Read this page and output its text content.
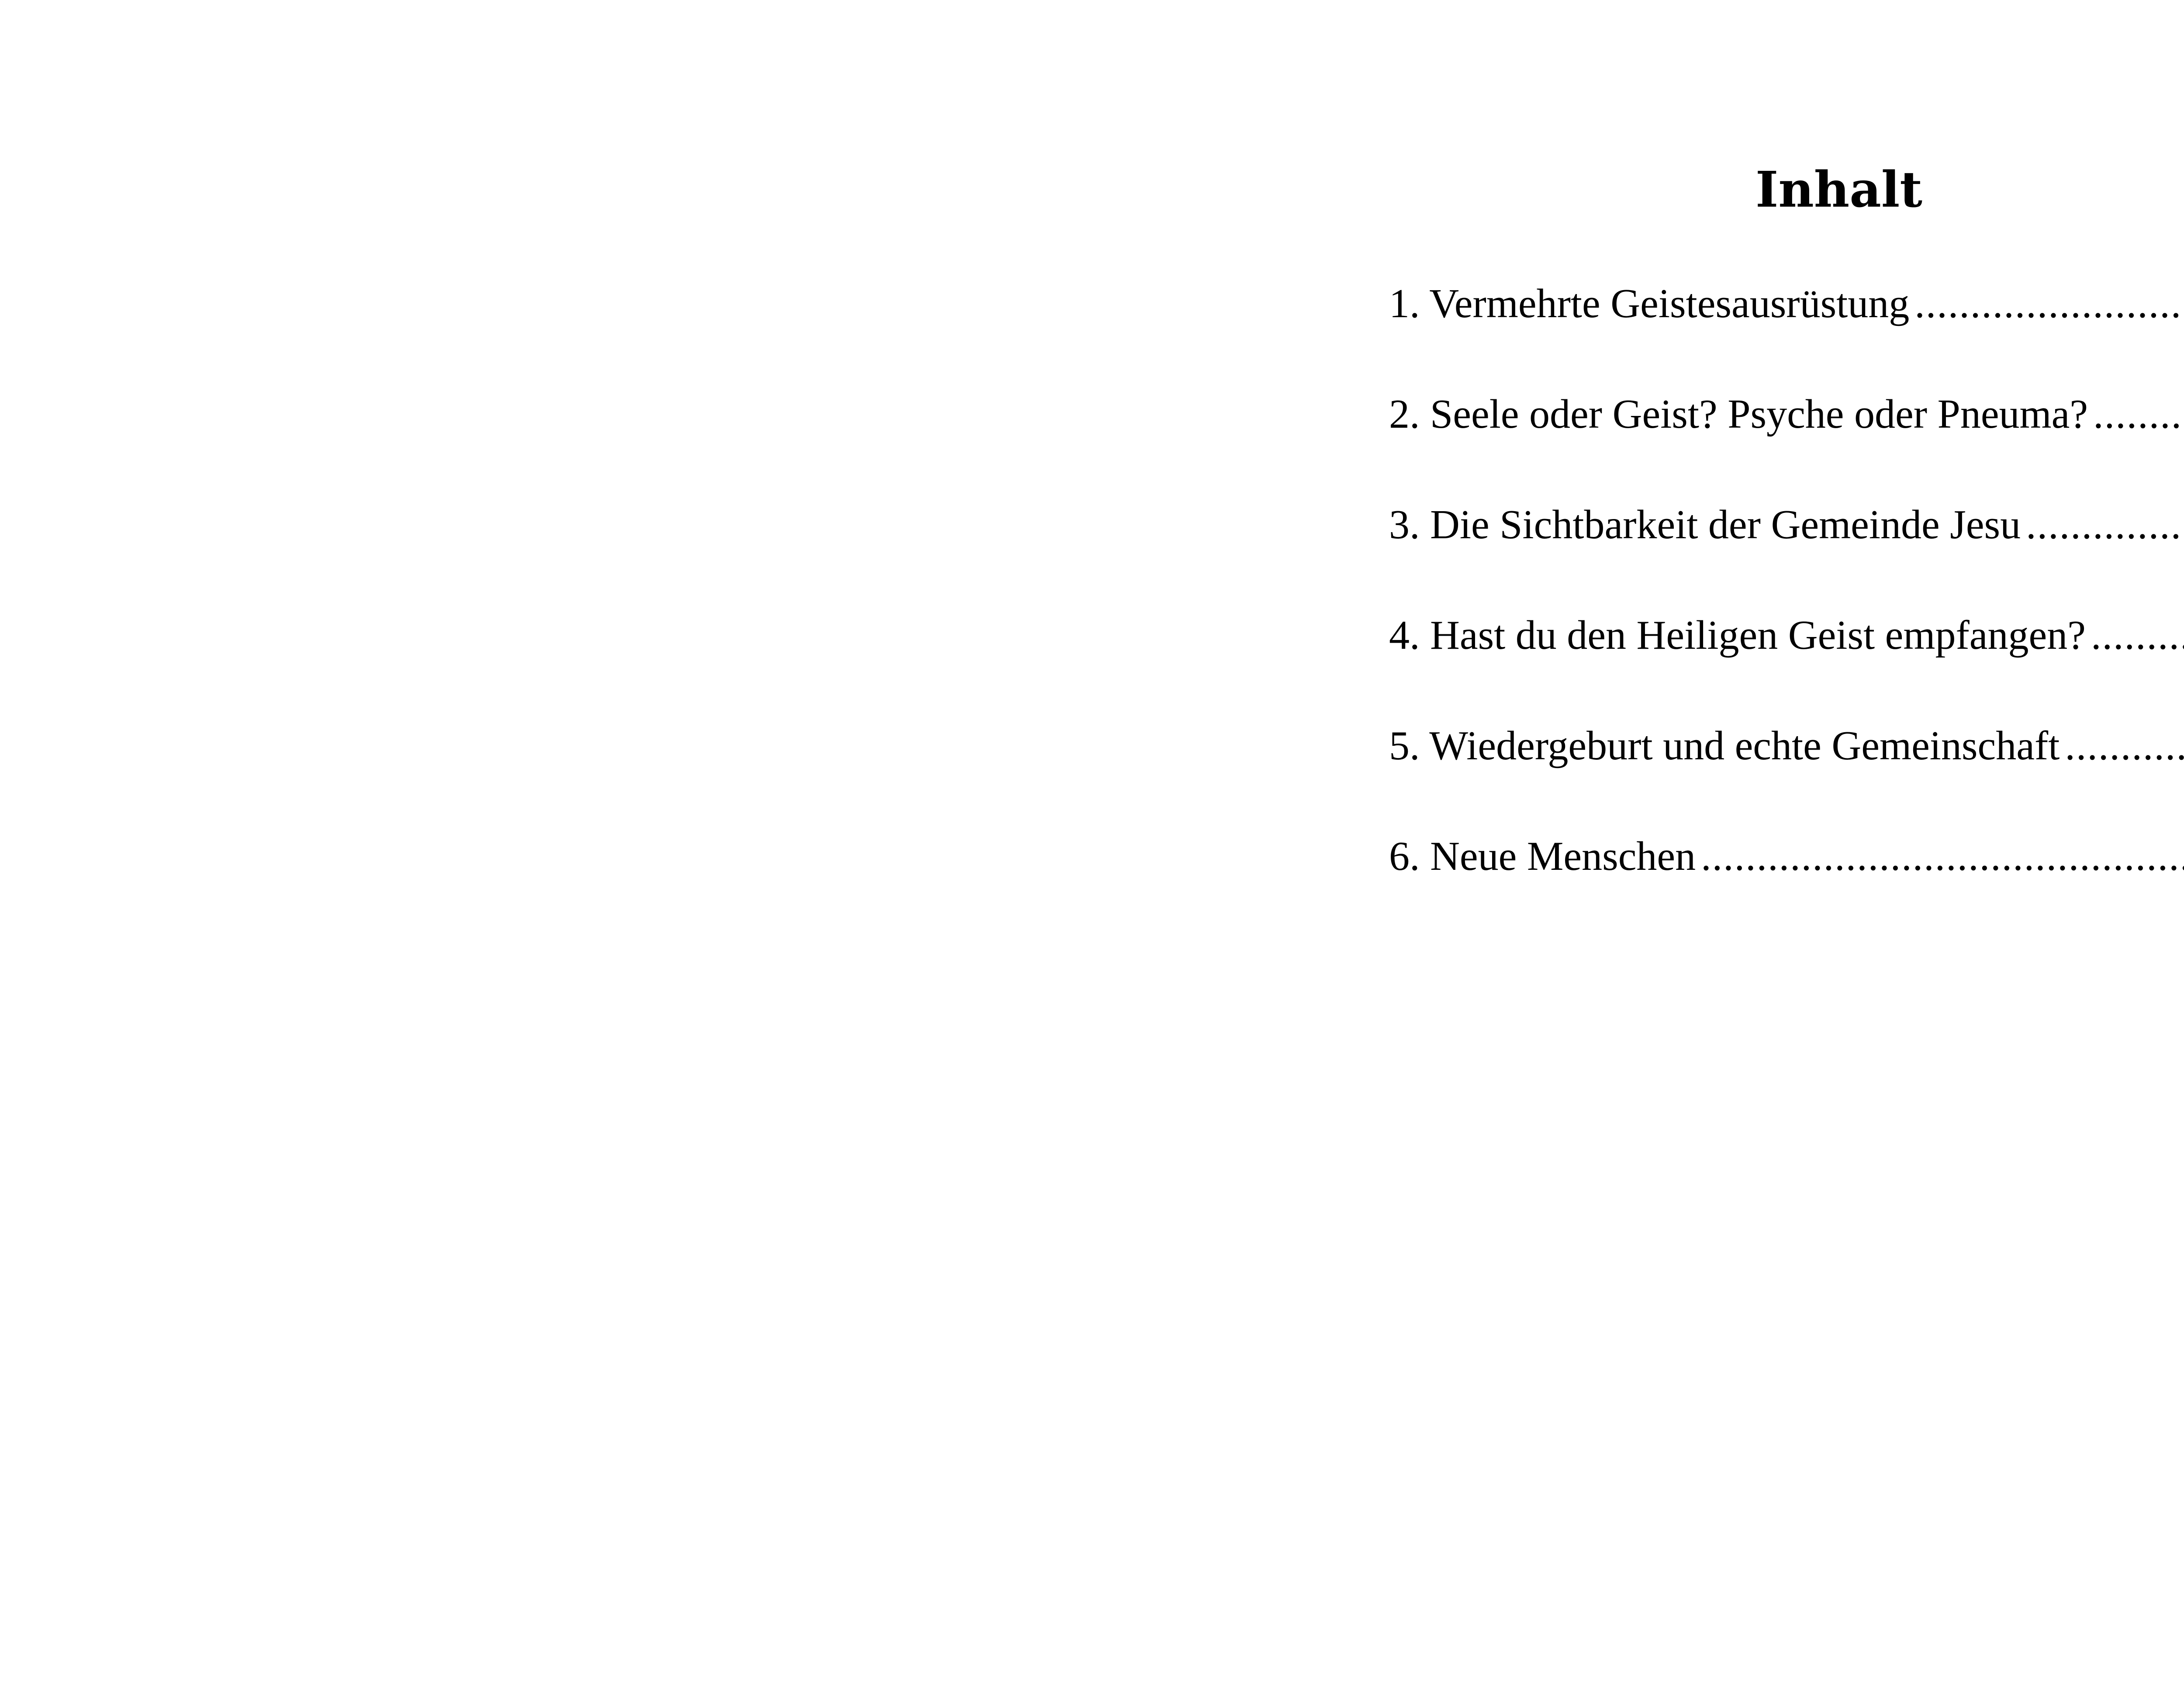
Inhalt
1. Vermehrte Geistesausrüstung
.....
2. Seele oder Geist? Psyche oder Pneuma?
.....
3. Die Sichtbarkeit der Gemeinde Jesu
.....
4. Hast du den Heiligen Geist empfangen?
.....
5. Wiedergeburt und echte Gemeinschaft
.....
6. Neue Menschen
.....
